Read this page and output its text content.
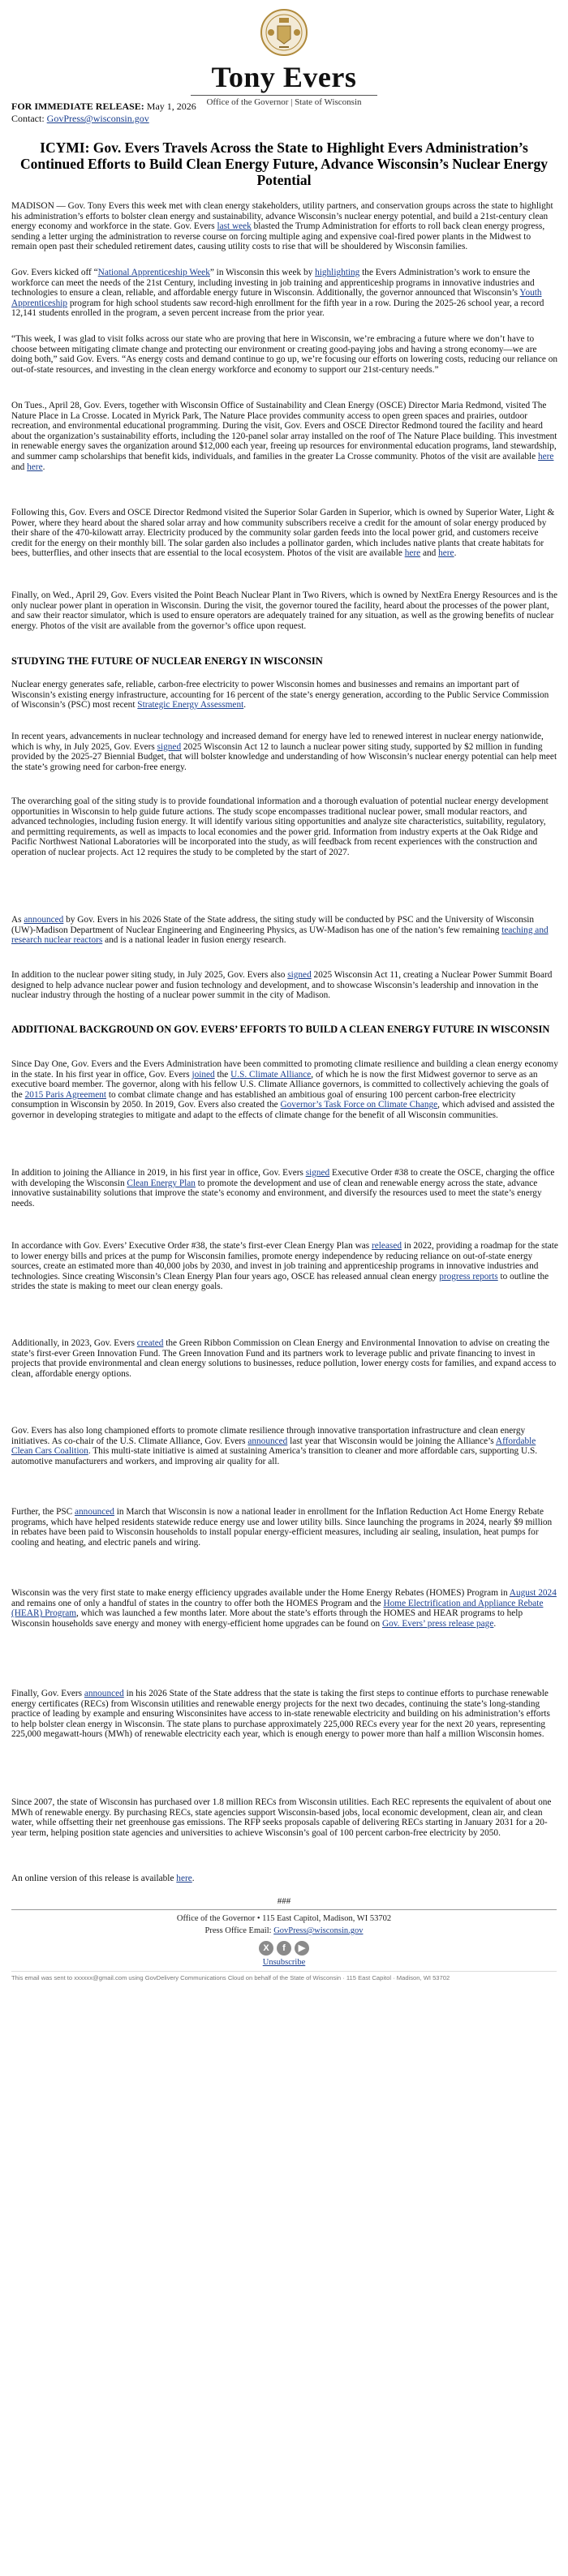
Tony Evers
Office of the Governor | State of Wisconsin
FOR IMMEDIATE RELEASE: May 1, 2026
Contact: GovPress@wisconsin.gov
ICYMI: Gov. Evers Travels Across the State to Highlight Evers Administration’s Continued Efforts to Build Clean Energy Future, Advance Wisconsin’s Nuclear Energy Potential
MADISON — Gov. Tony Evers this week met with clean energy stakeholders, utility partners, and conservation groups across the state to highlight his administration’s efforts to bolster clean energy and sustainability, advance Wisconsin’s nuclear energy potential, and build a 21st-century clean energy economy and workforce in the state. Gov. Evers last week blasted the Trump Administration for efforts to roll back clean energy progress, sending a letter urging the administration to reverse course on forcing multiple aging and expensive coal-fired power plants in the Midwest to remain open past their scheduled retirement dates, causing utility costs to rise that will be shouldered by Wisconsin families.
Gov. Evers kicked off “National Apprenticeship Week” in Wisconsin this week by highlighting the Evers Administration’s work to ensure the workforce can meet the needs of the 21st Century, including investing in job training and apprenticeship programs in innovative industries and technologies to ensure a clean, reliable, and affordable energy future in Wisconsin. Additionally, the governor announced that Wisconsin’s Youth Apprenticeship program for high school students saw record-high enrollment for the fifth year in a row. During the 2025-26 school year, a record 12,141 students enrolled in the program, a seven percent increase from the prior year.
“This week, I was glad to visit folks across our state who are proving that here in Wisconsin, we’re embracing a future where we don’t have to choose between mitigating climate change and protecting our environment or creating good-paying jobs and having a strong economy—we are doing both,” said Gov. Evers. “As energy costs and demand continue to go up, we’re focusing our efforts on lowering costs, reducing our reliance on out-of-state resources, and investing in the clean energy workforce and economy to support our 21st-century needs.”
On Tues., April 28, Gov. Evers, together with Wisconsin Office of Sustainability and Clean Energy (OSCE) Director Maria Redmond, visited The Nature Place in La Crosse. Located in Myrick Park, The Nature Place provides community access to open green spaces and prairies, outdoor recreation, and environmental educational programming. During the visit, Gov. Evers and OSCE Director Redmond toured the facility and heard about the organization’s sustainability efforts, including the 120-panel solar array installed on the roof of The Nature Place building. This investment in renewable energy saves the organization around $12,000 each year, freeing up resources for environmental education programs, land stewardship, and summer camp scholarships that benefit kids, individuals, and families in the greater La Crosse community. Photos of the visit are available here and here.
Following this, Gov. Evers and OSCE Director Redmond visited the Superior Solar Garden in Superior, which is owned by Superior Water, Light & Power, where they heard about the shared solar array and how community subscribers receive a credit for the amount of solar energy produced by their share of the 470-kilowatt array. Electricity produced by the community solar garden feeds into the local power grid, and customers receive credit for the energy on their monthly bill. The solar garden also includes a pollinator garden, which includes native plants that create habitats for bees, butterflies, and other insects that are essential to the local ecosystem. Photos of the visit are available here and here.
Finally, on Wed., April 29, Gov. Evers visited the Point Beach Nuclear Plant in Two Rivers, which is owned by NextEra Energy Resources and is the only nuclear power plant in operation in Wisconsin. During the visit, the governor toured the facility, heard about the processes of the power plant, and saw their reactor simulator, which is used to ensure operators are adequately trained for any situation, as well as the growing benefits of nuclear energy. Photos of the visit are available from the governor’s office upon request.
STUDYING THE FUTURE OF NUCLEAR ENERGY IN WISCONSIN
Nuclear energy generates safe, reliable, carbon-free electricity to power Wisconsin homes and businesses and remains an important part of Wisconsin’s existing energy infrastructure, accounting for 16 percent of the state’s energy generation, according to the Public Service Commission of Wisconsin’s (PSC) most recent Strategic Energy Assessment.
In recent years, advancements in nuclear technology and increased demand for energy have led to renewed interest in nuclear energy nationwide, which is why, in July 2025, Gov. Evers signed 2025 Wisconsin Act 12 to launch a nuclear power siting study, supported by $2 million in funding provided by the 2025-27 Biennial Budget, that will bolster knowledge and understanding of how Wisconsin’s nuclear energy potential can help meet the state’s growing need for carbon-free energy.
The overarching goal of the siting study is to provide foundational information and a thorough evaluation of potential nuclear energy development opportunities in Wisconsin to help guide future actions. The study scope encompasses traditional nuclear power, small modular reactors, and advanced technologies, including fusion energy. It will identify various siting opportunities and analyze site characteristics, suitability, regulatory, and permitting requirements, as well as impacts to local economies and the power grid. Information from industry experts at the Oak Ridge and Pacific Northwest National Laboratories will be incorporated into the study, as will feedback from recent experiences with the construction and operation of nuclear projects. Act 12 requires the study to be completed by the start of 2027.
As announced by Gov. Evers in his 2026 State of the State address, the siting study will be conducted by PSC and the University of Wisconsin (UW)-Madison Department of Nuclear Engineering and Engineering Physics, as UW-Madison has one of the nation’s few remaining teaching and research nuclear reactors and is a national leader in fusion energy research.
In addition to the nuclear power siting study, in July 2025, Gov. Evers also signed 2025 Wisconsin Act 11, creating a Nuclear Power Summit Board designed to help advance nuclear power and fusion technology and development, and to showcase Wisconsin’s leadership and innovation in the nuclear industry through the hosting of a nuclear power summit in the city of Madison.
ADDITIONAL BACKGROUND ON GOV. EVERS’ EFFORTS TO BUILD A CLEAN ENERGY FUTURE IN WISCONSIN
Since Day One, Gov. Evers and the Evers Administration have been committed to promoting climate resilience and building a clean energy economy in the state. In his first year in office, Gov. Evers joined the U.S. Climate Alliance, of which he is now the first Midwest governor to serve as an executive board member. The governor, along with his fellow U.S. Climate Alliance governors, is committed to collectively achieving the goals of the 2015 Paris Agreement to combat climate change and has established an ambitious goal of ensuring 100 percent carbon-free electricity consumption in Wisconsin by 2050. In 2019, Gov. Evers also created the Governor’s Task Force on Climate Change, which advised and assisted the governor in developing strategies to mitigate and adapt to the effects of climate change for the benefit of all Wisconsin communities.
In addition to joining the Alliance in 2019, in his first year in office, Gov. Evers signed Executive Order #38 to create the OSCE, charging the office with developing the Wisconsin Clean Energy Plan to promote the development and use of clean and renewable energy across the state, advance innovative sustainability solutions that improve the state’s economy and environment, and diversify the resources used to meet the state’s energy needs.
In accordance with Gov. Evers’ Executive Order #38, the state’s first-ever Clean Energy Plan was released in 2022, providing a roadmap for the state to lower energy bills and prices at the pump for Wisconsin families, promote energy independence by reducing reliance on out-of-state energy sources, create an estimated more than 40,000 jobs by 2030, and invest in job training and apprenticeship programs in innovative industries and technologies. Since creating Wisconsin’s Clean Energy Plan four years ago, OSCE has released annual clean energy progress reports to outline the strides the state is making to meet our clean energy goals.
Additionally, in 2023, Gov. Evers created the Green Ribbon Commission on Clean Energy and Environmental Innovation to advise on creating the state’s first-ever Green Innovation Fund. The Green Innovation Fund and its partners work to leverage public and private financing to invest in projects that provide environmental and clean energy solutions to businesses, reduce pollution, lower energy costs for families, and expand access to clean, affordable energy options.
Gov. Evers has also long championed efforts to promote climate resilience through innovative transportation infrastructure and clean energy initiatives. As co-chair of the U.S. Climate Alliance, Gov. Evers announced last year that Wisconsin would be joining the Alliance’s Affordable Clean Cars Coalition. This multi-state initiative is aimed at sustaining America’s transition to cleaner and more affordable cars, supporting U.S. automotive manufacturers and workers, and improving air quality for all.
Further, the PSC announced in March that Wisconsin is now a national leader in enrollment for the Inflation Reduction Act Home Energy Rebate programs, which have helped residents statewide reduce energy use and lower utility bills. Since launching the programs in 2024, nearly $9 million in rebates have been paid to Wisconsin households to install popular energy-efficient measures, including air sealing, insulation, heat pumps for cooling and heating, and electric panels and wiring.
Wisconsin was the very first state to make energy efficiency upgrades available under the Home Energy Rebates (HOMES) Program in August 2024 and remains one of only a handful of states in the country to offer both the HOMES Program and the Home Electrification and Appliance Rebate (HEAR) Program, which was launched a few months later. More about the state’s efforts through the HOMES and HEAR programs to help Wisconsin households save energy and money with energy-efficient home upgrades can be found on Gov. Evers’ press release page.
Finally, Gov. Evers announced in his 2026 State of the State address that the state is taking the first steps to continue efforts to purchase renewable energy certificates (RECs) from Wisconsin utilities and renewable energy projects for the next two decades, continuing the state’s long-standing practice of leading by example and ensuring Wisconsinites have access to in-state renewable electricity and building on his administration’s efforts to help bolster clean energy in Wisconsin. The state plans to purchase approximately 225,000 RECs every year for the next 20 years, representing 225,000 megawatt-hours (MWh) of renewable electricity each year, which is enough energy to power more than half a million Wisconsin homes.
Since 2007, the state of Wisconsin has purchased over 1.8 million RECs from Wisconsin utilities. Each REC represents the equivalent of about one MWh of renewable energy. By purchasing RECs, state agencies support Wisconsin-based jobs, local economic development, clean air, and clean water, while offsetting their net greenhouse gas emissions. The RFP seeks proposals capable of delivering RECs starting in January 2031 for a 20-year term, helping position state agencies and universities to achieve Wisconsin’s goal of 100 percent carbon-free electricity by 2050.
An online version of this release is available here.
###
Office of the Governor • 115 East Capitol, Madison, WI 53702
Press Office Email: GovPress@wisconsin.gov
X f ▶
Unsubscribe
This email was sent to xxxxxx@gmail.com using GovDelivery Communications Cloud on behalf of the State of Wisconsin · 115 East Capitol · Madison, WI 53702
